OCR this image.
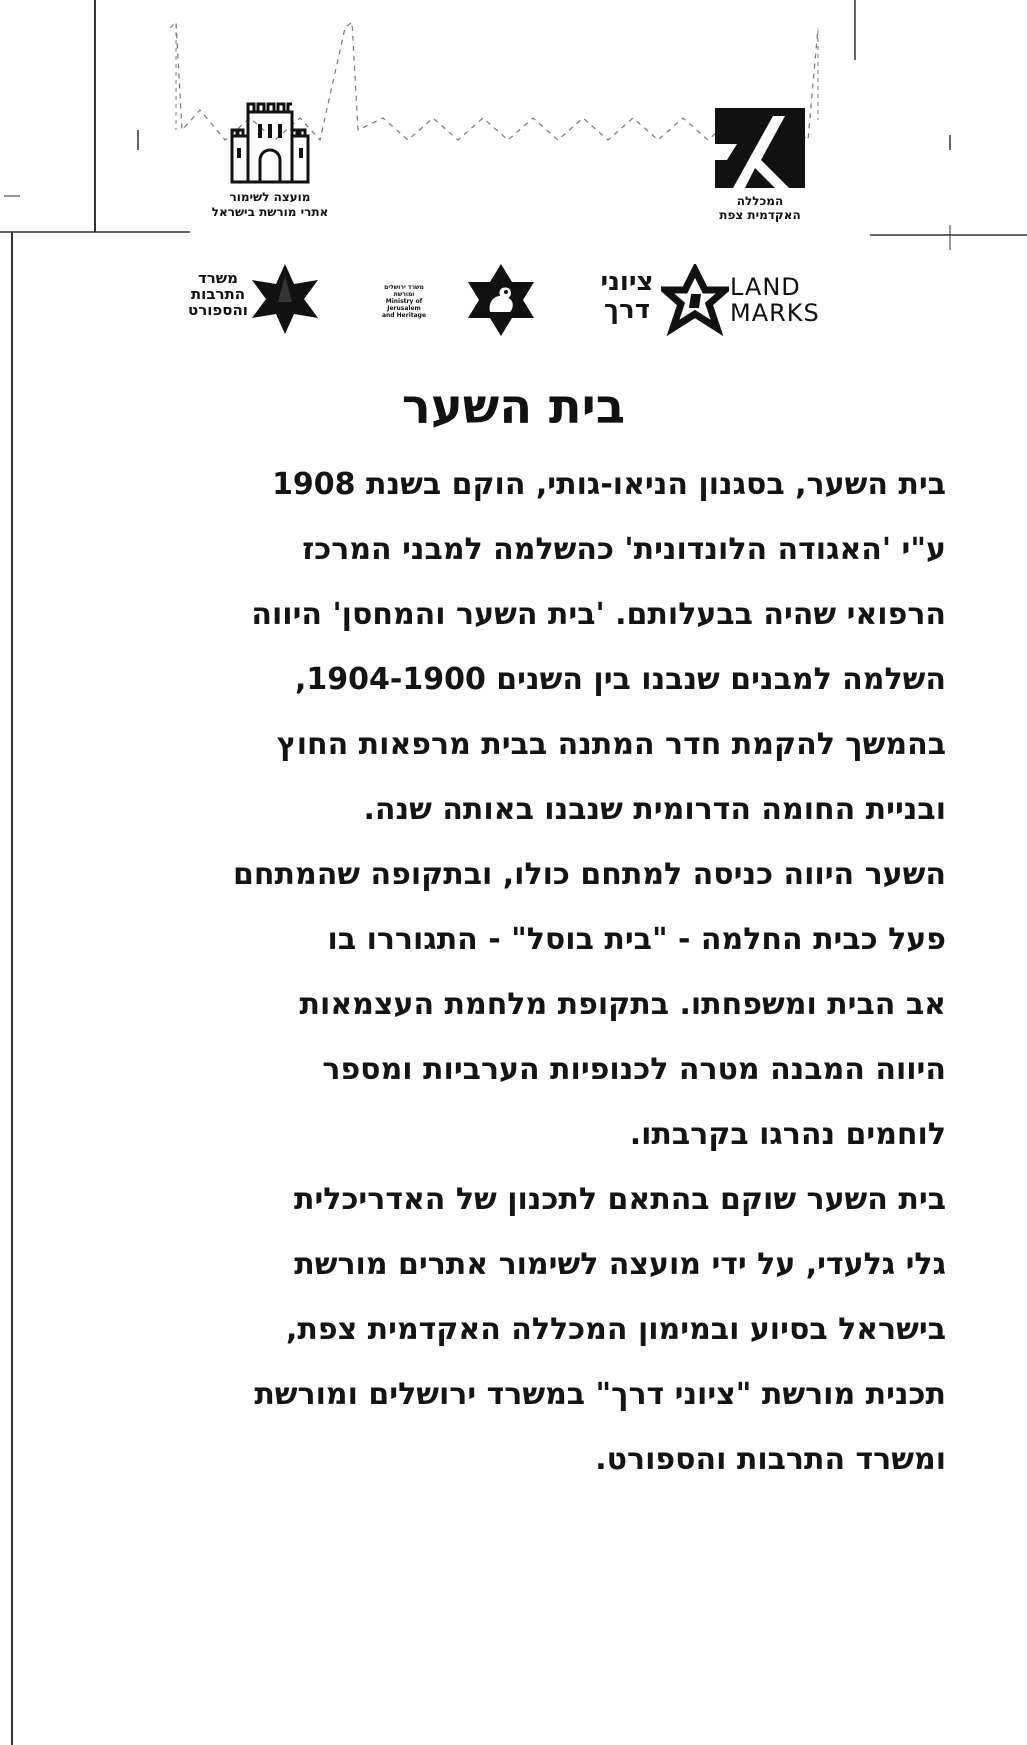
מועצה לשימור
אתרי מורשת בישראל
המכללה
האקדמית צפת
משרד
התרבות
והספורט
משרד ירושלים
ומורשת
Ministry of Jerusalem
and Heritage
ציוני
דרך
LAND
MARKS
בית השער
בית השער, בסגנון הניאו-גותי, הוקם בשנת 1908
ע"י 'האגודה הלונדונית' כהשלמה למבני המרכז
הרפואי שהיה בבעלותם. 'בית השער והמחסן' היווה
השלמה למבנים שנבנו בין השנים 1904-1900,
בהמשך להקמת חדר המתנה בבית מרפאות החוץ
ובניית החומה הדרומית שנבנו באותה שנה.
השער היווה כניסה למתחם כולו, ובתקופה שהמתחם
פעל כבית החלמה - "בית בוסל" - התגוררו בו
אב הבית ומשפחתו. בתקופת מלחמת העצמאות
היווה המבנה מטרה לכנופיות הערביות ומספר
לוחמים נהרגו בקרבתו.
בית השער שוקם בהתאם לתכנון של האדריכלית
גלי גלעדי, על ידי מועצה לשימור אתרים מורשת
בישראל בסיוע ובמימון המכללה האקדמית צפת,
תכנית מורשת "ציוני דרך" במשרד ירושלים ומורשת
ומשרד התרבות והספורט.
